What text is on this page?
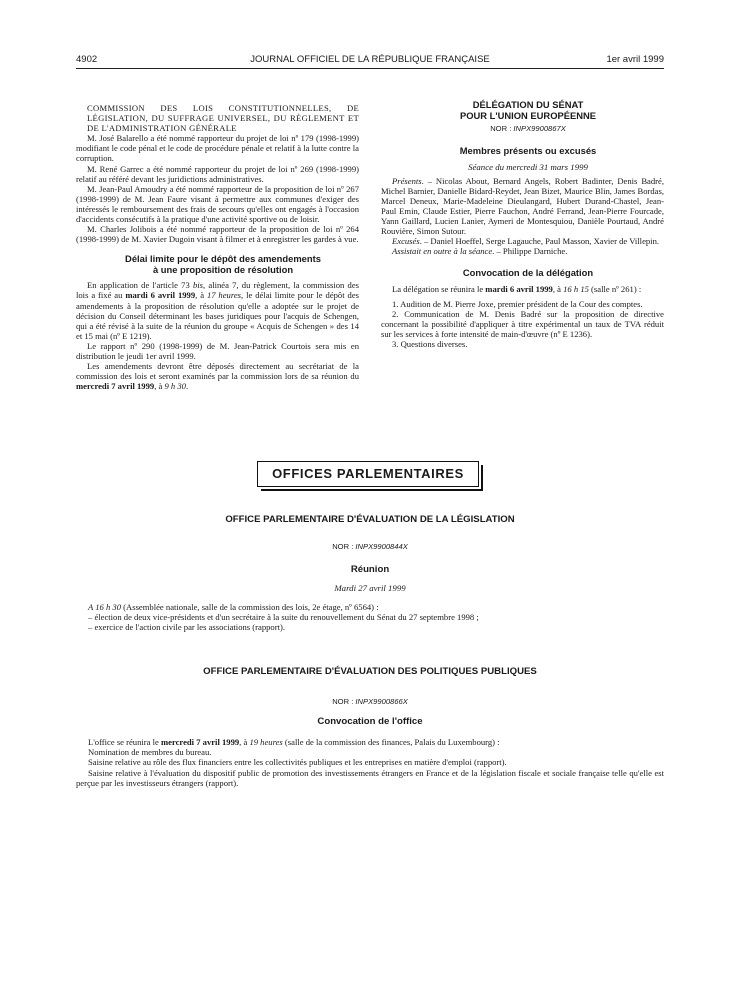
4902	JOURNAL OFFICIEL DE LA RÉPUBLIQUE FRANÇAISE	1er avril 1999

COMMISSION DES LOIS CONSTITUTIONNELLES, DE LÉGISLATION, DU SUFFRAGE UNIVERSEL, DU RÈGLEMENT ET DE L'ADMINISTRATION GÉNÉRALE

M. José Balarello a été nommé rapporteur du projet de loi nº 179 (1998-1999) modifiant le code pénal et le code de procédure pénale et relatif à la lutte contre la corruption.

M. René Garrec a été nommé rapporteur du projet de loi nº 269 (1998-1999) relatif au référé devant les juridictions administratives.

M. Jean-Paul Amoudry a été nommé rapporteur de la proposition de loi nº 267 (1998-1999) de M. Jean Faure visant à permettre aux communes d'exiger des intéressés le remboursement des frais de secours qu'elles ont engagés à l'occasion d'accidents consécutifs à la pratique d'une activité sportive ou de loisir.

M. Charles Jolibois a été nommé rapporteur de la proposition de loi nº 264 (1998-1999) de M. Xavier Dugoin visant à filmer et à enregistrer les gardes à vue.

Délai limite pour le dépôt des amendements

à une proposition de résolution

En application de l'article 73 bis, alinéa 7, du règlement, la commission des lois a fixé au mardi 6 avril 1999, à 17 heures, le délai limite pour le dépôt des amendements à la proposition de résolution qu'elle a adoptée sur le projet de décision du Conseil déterminant les bases juridiques pour l'acquis de Schengen, qui a été révisé à la suite de la réunion du groupe « Acquis de Schengen » des 14 et 15 mai (nº E 1219).

Le rapport nº 290 (1998-1999) de M. Jean-Patrick Courtois sera mis en distribution le jeudi 1er avril 1999.

Les amendements devront être déposés directement au secrétariat de la commission des lois et seront examinés par la commission lors de sa réunion du mercredi 7 avril 1999, à 9 h 30.

DÉLÉGATION DU SÉNAT

POUR L'UNION EUROPÉENNE

NOR : INPX9900867X

Membres présents ou excusés

Séance du mercredi 31 mars 1999

Présents. – Nicolas About, Bernard Angels, Robert Badinter, Denis Badré, Michel Barnier, Danielle Bidard-Reydet, Jean Bizet, Maurice Blin, James Bordas, Marcel Deneux, Marie-Madeleine Dieulangard, Hubert Durand-Chastel, Jean-Paul Emin, Claude Estier, Pierre Fauchon, André Ferrand, Jean-Pierre Fourcade, Yann Gaillard, Lucien Lanier, Aymeri de Montesquiou, Danièle Pourtaud, André Rouvière, Simon Sutour.

Excusés. – Daniel Hoeffel, Serge Lagauche, Paul Masson, Xavier de Villepin.

Assistait en outre à la séance. – Philippe Darniche.

Convocation de la délégation

La délégation se réunira le mardi 6 avril 1999, à 16 h 15 (salle nº 261) :

1. Audition de M. Pierre Joxe, premier président de la Cour des comptes.

2. Communication de M. Denis Badré sur la proposition de directive concernant la possibilité d'appliquer à titre expérimental un taux de TVA réduit sur les services à forte intensité de main-d'œuvre (nº E 1236).

3. Questions diverses.

OFFICES PARLEMENTAIRES
OFFICE PARLEMENTAIRE D'ÉVALUATION DE LA LÉGISLATION
NOR : INPX9900844X
Réunion
Mardi 27 avril 1999

A 16 h 30 (Assemblée nationale, salle de la commission des lois, 2e étage, nº 6564) :

– élection de deux vice-présidents et d'un secrétaire à la suite du renouvellement du Sénat du 27 septembre 1998 ;

– exercice de l'action civile par les associations (rapport).

OFFICE PARLEMENTAIRE D'ÉVALUATION DES POLITIQUES PUBLIQUES
NOR : INPX9900866X
Convocation de l'office

L'office se réunira le mercredi 7 avril 1999, à 19 heures (salle de la commission des finances, Palais du Luxembourg) :

Nomination de membres du bureau.

Saisine relative au rôle des flux financiers entre les collectivités publiques et les entreprises en matière d'emploi (rapport).

Saisine relative à l'évaluation du dispositif public de promotion des investissements étrangers en France et de la législation fiscale et sociale française telle qu'elle est perçue par les investisseurs étrangers (rapport).
